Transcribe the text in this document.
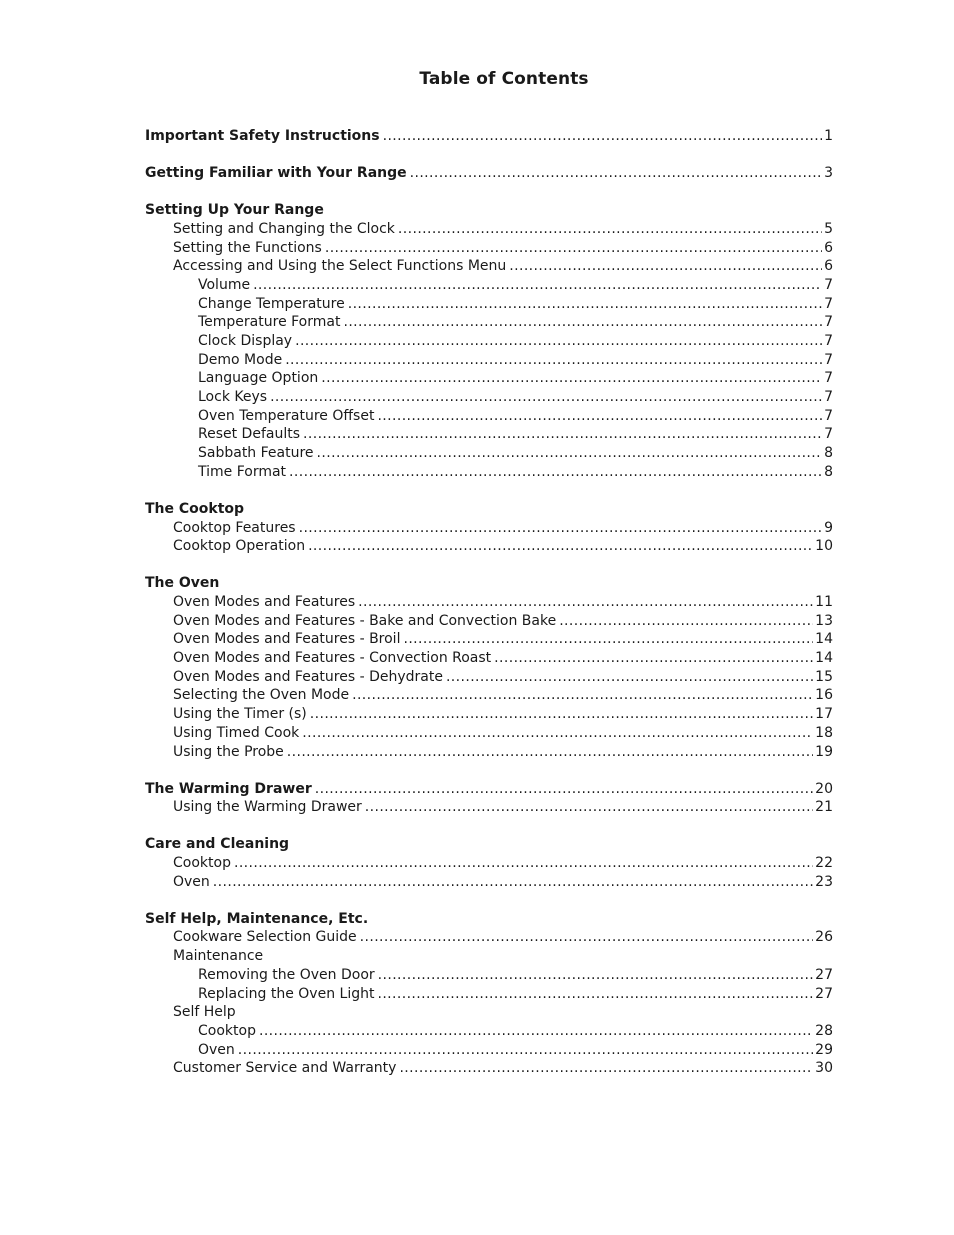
Table of Contents
Important Safety Instructions .....	1
Getting Familiar with Your Range .....	3
Setting Up Your Range
Setting and Changing the Clock .....	5
Setting the Functions .....	6
Accessing and Using the Select Functions Menu .....	6
Volume .....	7
Change Temperature .....	7
Temperature Format .....	7
Clock Display .....	7
Demo Mode .....	7
Language Option .....	7
Lock Keys .....	7
Oven Temperature Offset .....	7
Reset Defaults .....	7
Sabbath Feature .....	8
Time Format .....	8
The Cooktop
Cooktop Features .....	9
Cooktop Operation .....	10
The Oven
Oven Modes and Features .....	11
Oven Modes and Features - Bake and Convection Bake .....	13
Oven Modes and Features - Broil .....	14
Oven Modes and Features - Convection Roast .....	14
Oven Modes and Features - Dehydrate .....	15
Selecting the Oven Mode .....	16
Using the Timer (s) .....	17
Using Timed Cook .....	18
Using the Probe .....	19
The Warming Drawer .....	20
Using the Warming Drawer .....	21
Care and Cleaning
Cooktop .....	22
Oven .....	23
Self Help, Maintenance, Etc.
Cookware Selection Guide .....	26
Maintenance
Removing the Oven Door .....	27
Replacing the Oven Light .....	27
Self Help
Cooktop .....	28
Oven .....	29
Customer Service and Warranty .....	30
